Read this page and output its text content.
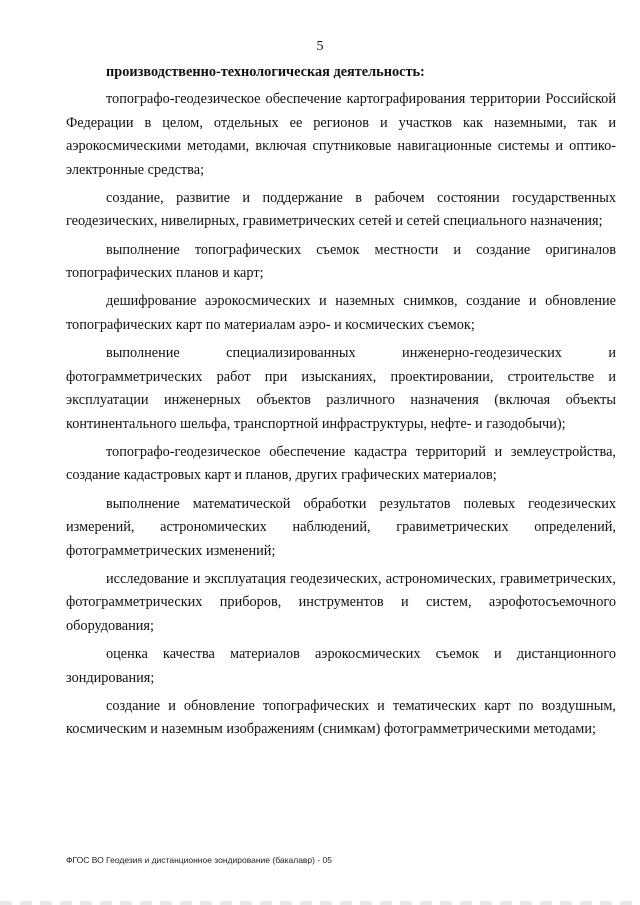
5

производственно-технологическая деятельность:

топографо-геодезическое обеспечение картографирования территории Российской Федерации в целом, отдельных ее регионов и участков как наземными, так и аэрокосмическими методами, включая спутниковые навигационные системы и оптико-электронные средства;

создание, развитие и поддержание в рабочем состоянии государственных геодезических, нивелирных, гравиметрических сетей и сетей специального назначения;

выполнение топографических съемок местности и создание оригиналов топографических планов и карт;

дешифрование аэрокосмических и наземных снимков, создание и обновление топографических карт по материалам аэро- и космических съемок;

выполнение специализированных инженерно-геодезических и фотограмметрических работ при изысканиях, проектировании, строительстве и эксплуатации инженерных объектов различного назначения (включая объекты континентального шельфа, транспортной инфраструктуры, нефте- и газодобычи);

топографо-геодезическое обеспечение кадастра территорий и землеустройства, создание кадастровых карт и планов, других графических материалов;

выполнение математической обработки результатов полевых геодезических измерений, астрономических наблюдений, гравиметрических определений, фотограмметрических изменений;

исследование и эксплуатация геодезических, астрономических, гравиметрических, фотограмметрических приборов, инструментов и систем, аэрофотосъемочного оборудования;

оценка качества материалов аэрокосмических съемок и дистанционного зондирования;

создание и обновление топографических и тематических карт по воздушным, космическим и наземным изображениям (снимкам) фотограмметрическими методами;

ФГОС ВО Геодезия и дистанционное зондирование (бакалавр) - 05
